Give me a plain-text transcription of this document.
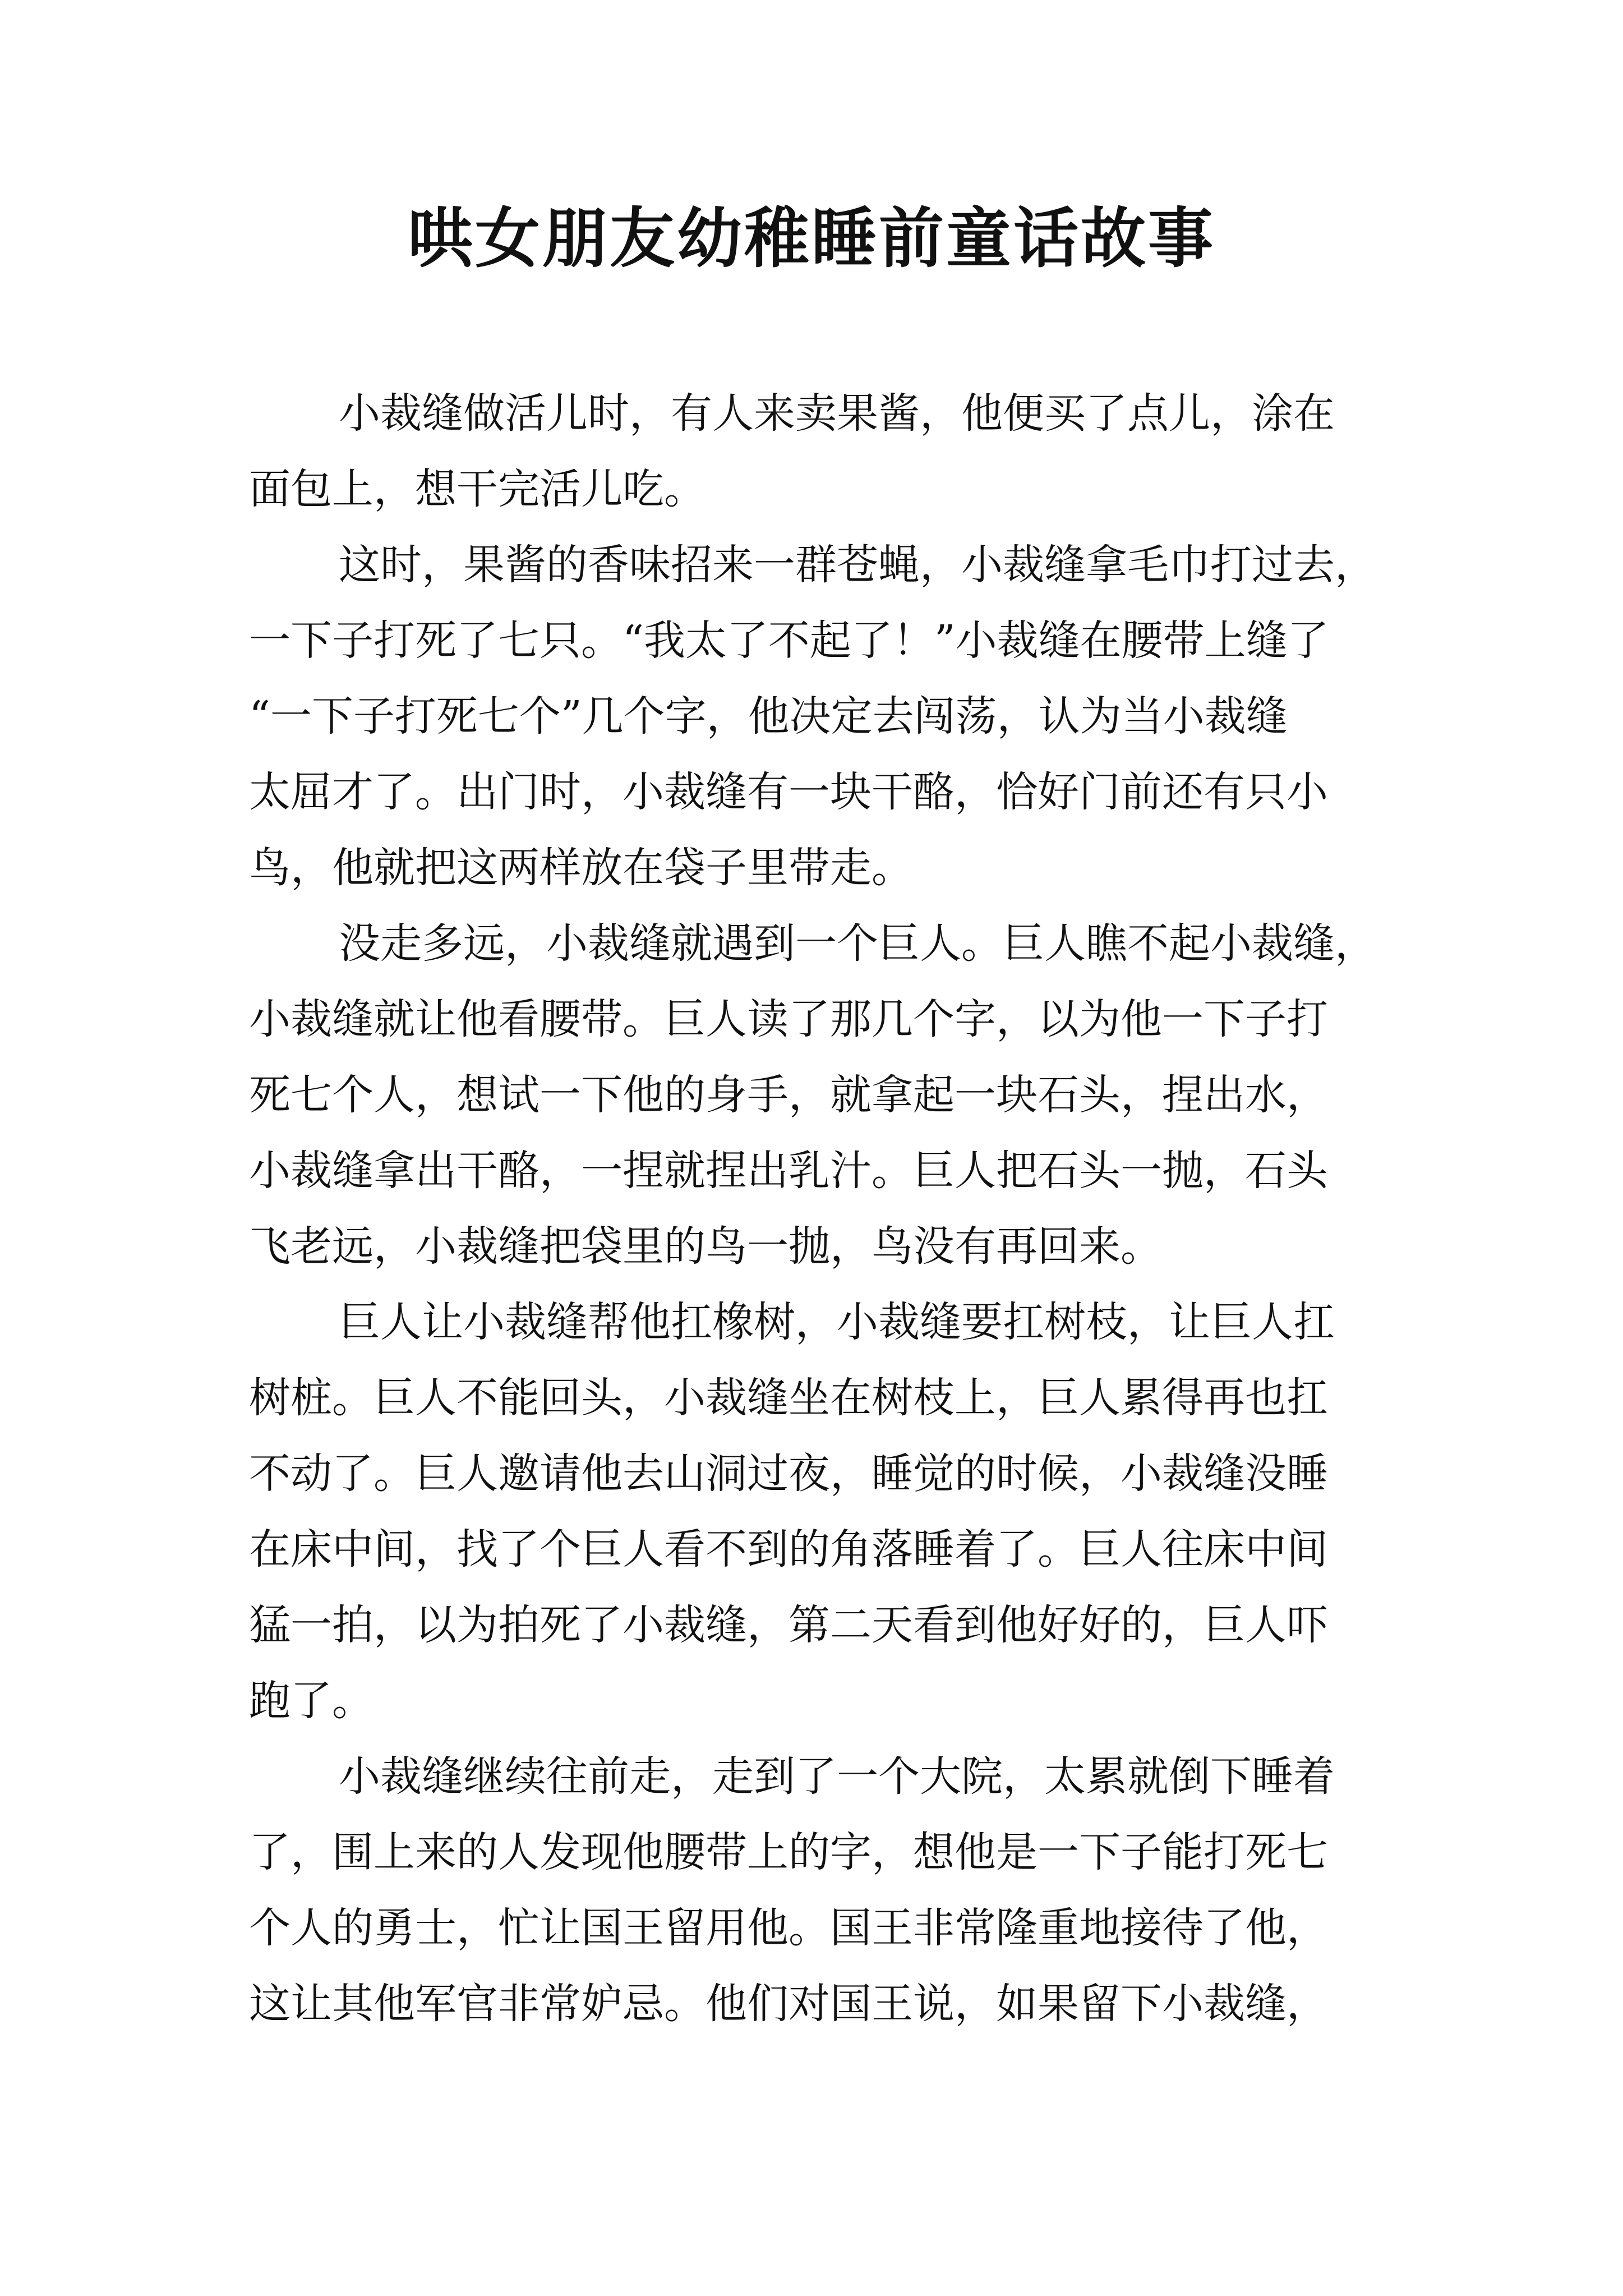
哄女朋友幼稚睡前童话故事
小裁缝做活儿时，有人来卖果酱，他便买了点儿，涂在
面包上，想干完活儿吃。
这时，果酱的香味招来一群苍蝇，小裁缝拿毛巾打过去，
一下子打死了七只。“我太了不起了！”小裁缝在腰带上缝了
“一下子打死七个”几个字，他决定去闯荡，认为当小裁缝
太屈才了。出门时，小裁缝有一块干酪，恰好门前还有只小
鸟，他就把这两样放在袋子里带走。
没走多远，小裁缝就遇到一个巨人。巨人瞧不起小裁缝，
小裁缝就让他看腰带。巨人读了那几个字，以为他一下子打
死七个人，想试一下他的身手，就拿起一块石头，捏出水，
小裁缝拿出干酪，一捏就捏出乳汁。巨人把石头一抛，石头
飞老远，小裁缝把袋里的鸟一抛，鸟没有再回来。
巨人让小裁缝帮他扛橡树，小裁缝要扛树枝，让巨人扛
树桩。巨人不能回头，小裁缝坐在树枝上，巨人累得再也扛
不动了。巨人邀请他去山洞过夜，睡觉的时候，小裁缝没睡
在床中间，找了个巨人看不到的角落睡着了。巨人往床中间
猛一拍，以为拍死了小裁缝，第二天看到他好好的，巨人吓
跑了。
小裁缝继续往前走，走到了一个大院，太累就倒下睡着
了，围上来的人发现他腰带上的字，想他是一下子能打死七
个人的勇士，忙让国王留用他。国王非常隆重地接待了他，
这让其他军官非常妒忌。他们对国王说，如果留下小裁缝，
